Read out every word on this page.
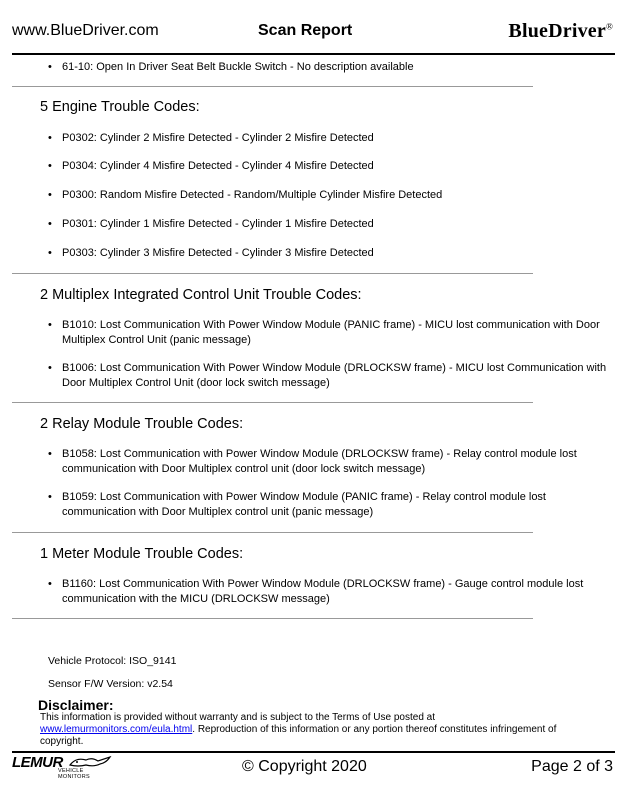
www.BlueDriver.com	Scan Report	BlueDriver®
• 61-10: Open In Driver Seat Belt Buckle Switch - No description available
5 Engine Trouble Codes:
• P0302: Cylinder 2 Misfire Detected - Cylinder 2 Misfire Detected
• P0304: Cylinder 4 Misfire Detected - Cylinder 4 Misfire Detected
• P0300: Random Misfire Detected - Random/Multiple Cylinder Misfire Detected
• P0301: Cylinder 1 Misfire Detected - Cylinder 1 Misfire Detected
• P0303: Cylinder 3 Misfire Detected - Cylinder 3 Misfire Detected
2 Multiplex Integrated Control Unit Trouble Codes:
• B1010: Lost Communication With Power Window Module (PANIC frame) - MICU lost communication with Door Multiplex Control Unit (panic message)
• B1006: Lost Communication With Power Window Module (DRLOCKSW frame) - MICU lost Communication with Door Multiplex Control Unit (door lock switch message)
2 Relay Module Trouble Codes:
• B1058: Lost Communication with Power Window Module (DRLOCKSW frame) - Relay control module lost communication with Door Multiplex control unit (door lock switch message)
• B1059: Lost Communication with Power Window Module (PANIC frame) - Relay control module lost communication with Door Multiplex control unit (panic message)
1 Meter Module Trouble Codes:
• B1160: Lost Communication With Power Window Module (DRLOCKSW frame) - Gauge control module lost communication with the MICU (DRLOCKSW message)
Vehicle Protocol: ISO_9141
Sensor F/W Version: v2.54
Disclaimer:
This information is provided without warranty and is subject to the Terms of Use posted at
www.lemurmonitors.com/eula.html. Reproduction of this information or any portion thereof constitutes infringement of copyright.
LEMUR
VEHICLE MONITORS
© Copyright 2020	Page 2 of 3
